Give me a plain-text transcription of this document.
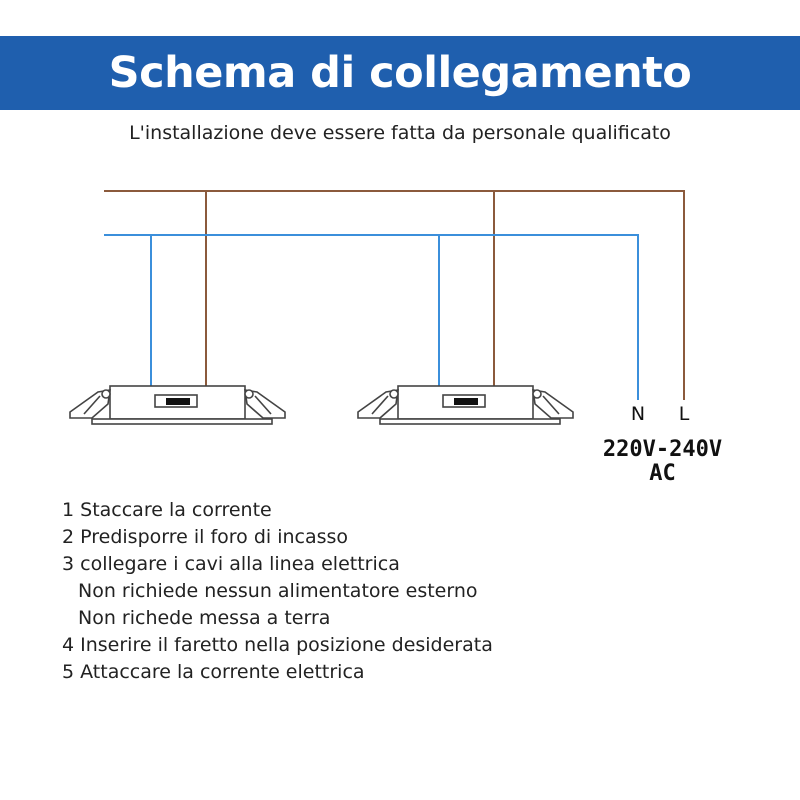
Schema di collegamento
L'installazione deve essere fatta da personale qualificato
N L
220V-240V
AC
1 Staccare la corrente
2 Predisporre il foro di incasso
3 collegare i cavi alla linea elettrica
Non richiede nessun alimentatore esterno
Non richede messa a terra
4 Inserire il faretto nella posizione desiderata
5 Attaccare la corrente elettrica
